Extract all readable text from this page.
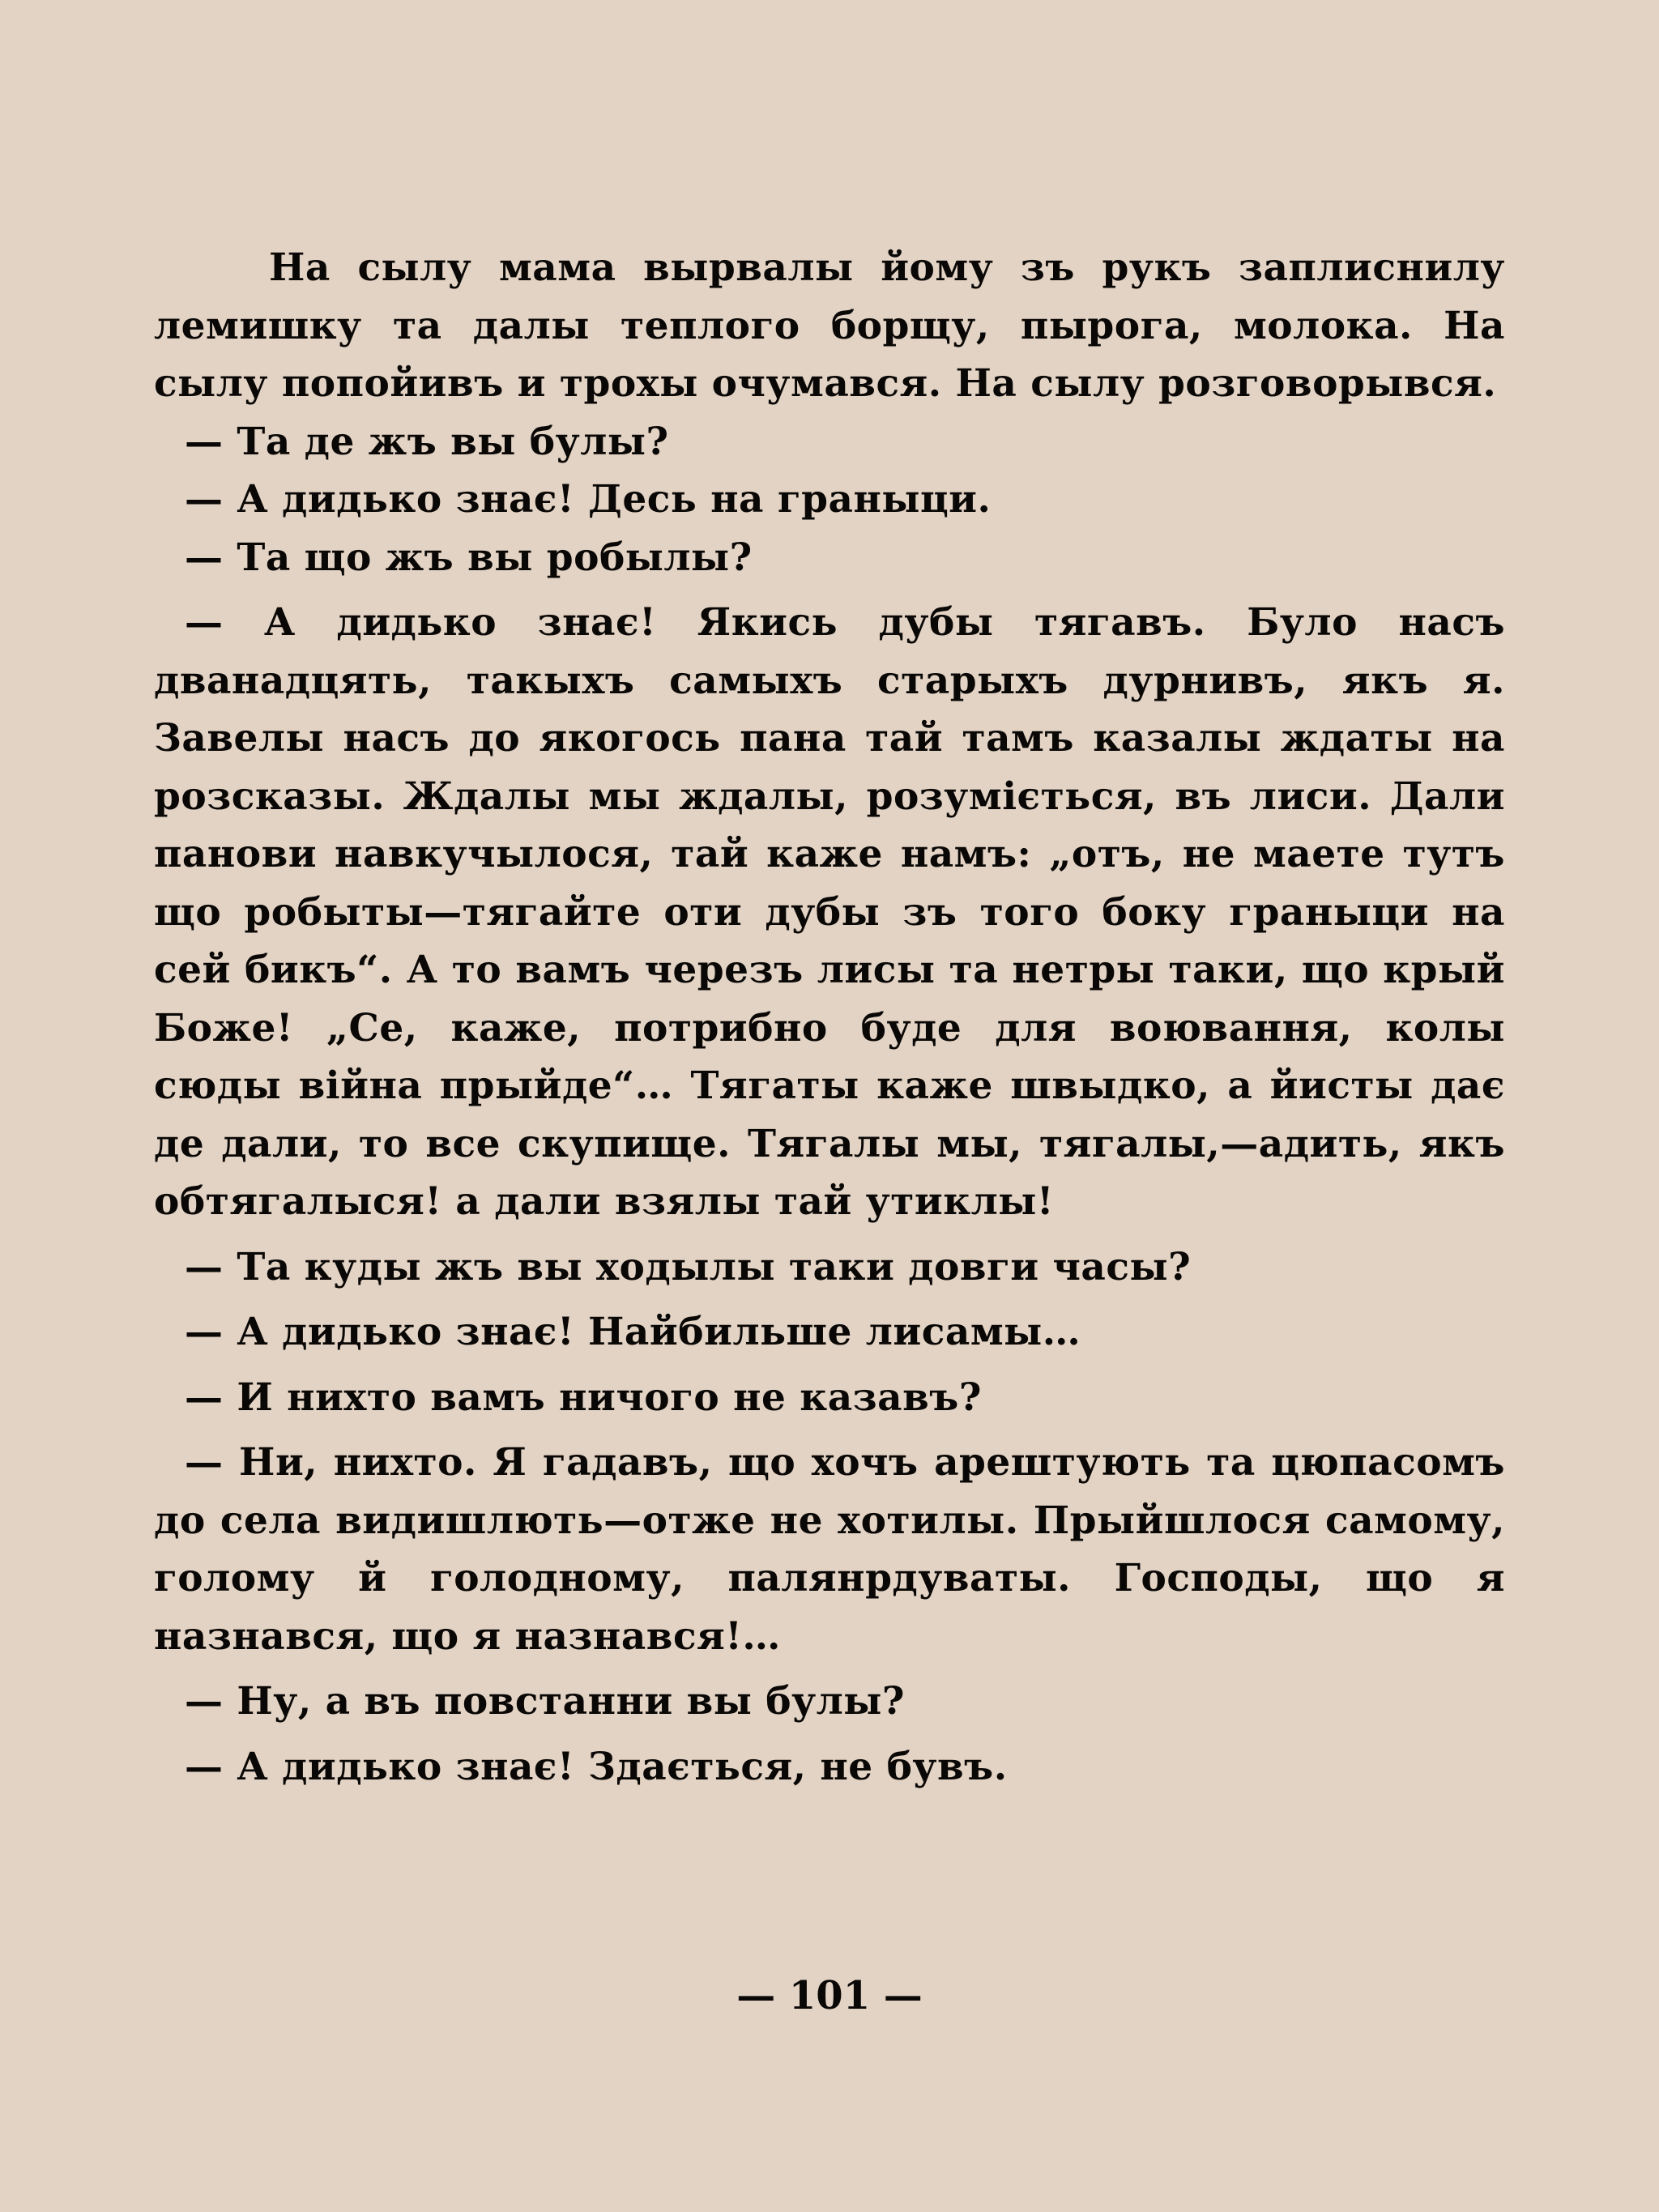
На сылу мама вырвалы йому зъ рукъ заплиснилу лемишку та далы теплого борщу, пырога, молока. На сылу попойивъ и трохы очумався. На сылу розговорывся.

— Та де жъ вы булы?

— А дидько знає! Десь на граныци.

— Та що жъ вы робылы?

— А дидько знає! Якись дубы тягавъ. Було насъ дванадцять, такыхъ самыхъ старыхъ дурнивъ, якъ я. Завелы насъ до якогось пана тай тамъ казалы ждаты на розсказы. Ждалы мы ждалы, розуміється, въ лиси. Дали панови навкучылося, тай каже намъ: „отъ, не маете тутъ що робыты—тягайте оти дубы зъ того боку граныци на сей бикъ“. А то вамъ черезъ лисы та нетры таки, що крый Боже! „Се, каже, потрибно буде для воювання, колы сюды війна прыйде“… Тягаты каже швыдко, а йисты дає де дали, то все скупище. Тягалы мы, тягалы,—адить, якъ обтягалыся! а дали взялы тай утиклы!

— Та куды жъ вы ходылы таки довги часы?

— А дидько знає! Найбильше лисамы…

— И нихто вамъ ничого не казавъ?

— Ни, нихто. Я гадавъ, що хочъ арештують та цюпасомъ до села видишлють—отже не хотилы. Прыйшлося самому, голому й голодному, палянрдуваты. Господы, що я назнався, що я назнався!…

— Ну, а въ повстанни вы булы?

— А дидько знає! Здається, не бувъ.

— 101 —
